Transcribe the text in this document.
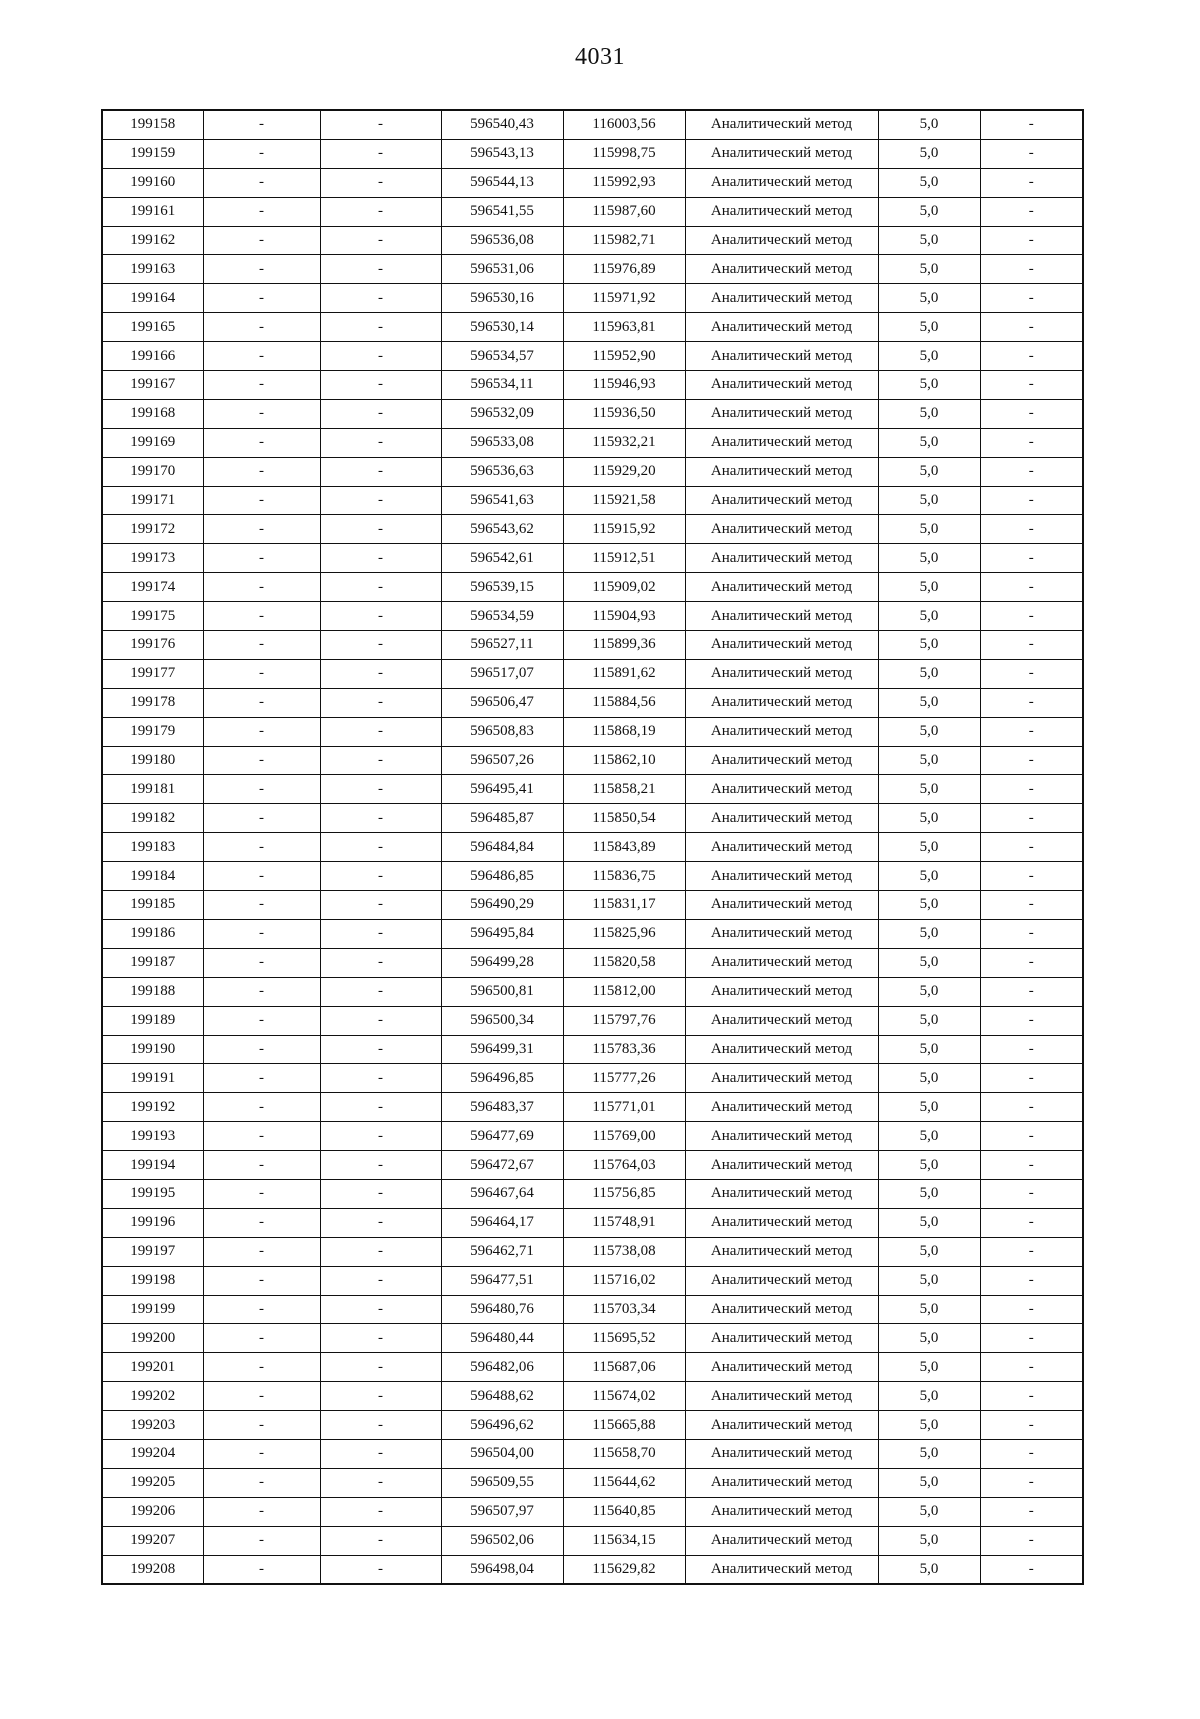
4031
199158	-	-	596540,43	116003,56	Аналитический метод	5,0	-
199159	-	-	596543,13	115998,75	Аналитический метод	5,0	-
199160	-	-	596544,13	115992,93	Аналитический метод	5,0	-
199161	-	-	596541,55	115987,60	Аналитический метод	5,0	-
199162	-	-	596536,08	115982,71	Аналитический метод	5,0	-
199163	-	-	596531,06	115976,89	Аналитический метод	5,0	-
199164	-	-	596530,16	115971,92	Аналитический метод	5,0	-
199165	-	-	596530,14	115963,81	Аналитический метод	5,0	-
199166	-	-	596534,57	115952,90	Аналитический метод	5,0	-
199167	-	-	596534,11	115946,93	Аналитический метод	5,0	-
199168	-	-	596532,09	115936,50	Аналитический метод	5,0	-
199169	-	-	596533,08	115932,21	Аналитический метод	5,0	-
199170	-	-	596536,63	115929,20	Аналитический метод	5,0	-
199171	-	-	596541,63	115921,58	Аналитический метод	5,0	-
199172	-	-	596543,62	115915,92	Аналитический метод	5,0	-
199173	-	-	596542,61	115912,51	Аналитический метод	5,0	-
199174	-	-	596539,15	115909,02	Аналитический метод	5,0	-
199175	-	-	596534,59	115904,93	Аналитический метод	5,0	-
199176	-	-	596527,11	115899,36	Аналитический метод	5,0	-
199177	-	-	596517,07	115891,62	Аналитический метод	5,0	-
199178	-	-	596506,47	115884,56	Аналитический метод	5,0	-
199179	-	-	596508,83	115868,19	Аналитический метод	5,0	-
199180	-	-	596507,26	115862,10	Аналитический метод	5,0	-
199181	-	-	596495,41	115858,21	Аналитический метод	5,0	-
199182	-	-	596485,87	115850,54	Аналитический метод	5,0	-
199183	-	-	596484,84	115843,89	Аналитический метод	5,0	-
199184	-	-	596486,85	115836,75	Аналитический метод	5,0	-
199185	-	-	596490,29	115831,17	Аналитический метод	5,0	-
199186	-	-	596495,84	115825,96	Аналитический метод	5,0	-
199187	-	-	596499,28	115820,58	Аналитический метод	5,0	-
199188	-	-	596500,81	115812,00	Аналитический метод	5,0	-
199189	-	-	596500,34	115797,76	Аналитический метод	5,0	-
199190	-	-	596499,31	115783,36	Аналитический метод	5,0	-
199191	-	-	596496,85	115777,26	Аналитический метод	5,0	-
199192	-	-	596483,37	115771,01	Аналитический метод	5,0	-
199193	-	-	596477,69	115769,00	Аналитический метод	5,0	-
199194	-	-	596472,67	115764,03	Аналитический метод	5,0	-
199195	-	-	596467,64	115756,85	Аналитический метод	5,0	-
199196	-	-	596464,17	115748,91	Аналитический метод	5,0	-
199197	-	-	596462,71	115738,08	Аналитический метод	5,0	-
199198	-	-	596477,51	115716,02	Аналитический метод	5,0	-
199199	-	-	596480,76	115703,34	Аналитический метод	5,0	-
199200	-	-	596480,44	115695,52	Аналитический метод	5,0	-
199201	-	-	596482,06	115687,06	Аналитический метод	5,0	-
199202	-	-	596488,62	115674,02	Аналитический метод	5,0	-
199203	-	-	596496,62	115665,88	Аналитический метод	5,0	-
199204	-	-	596504,00	115658,70	Аналитический метод	5,0	-
199205	-	-	596509,55	115644,62	Аналитический метод	5,0	-
199206	-	-	596507,97	115640,85	Аналитический метод	5,0	-
199207	-	-	596502,06	115634,15	Аналитический метод	5,0	-
199208	-	-	596498,04	115629,82	Аналитический метод	5,0	-
